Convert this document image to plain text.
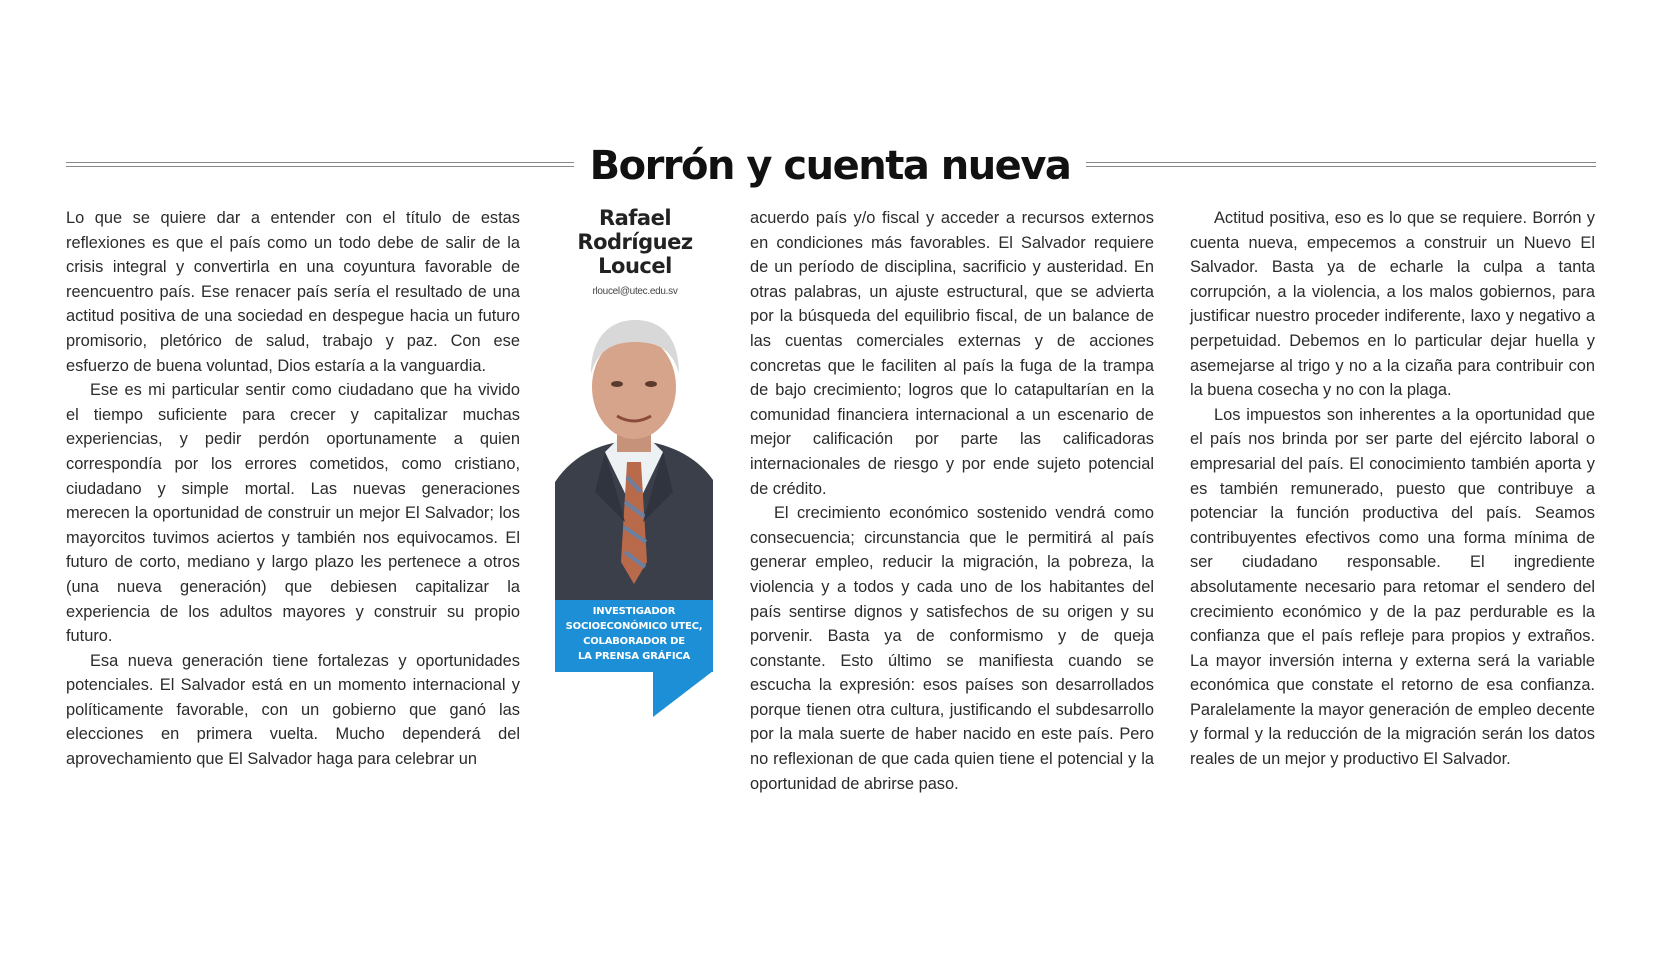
Borrón y cuenta nueva

Lo que se quiere dar a entender con el título de estas reflexiones es que el país como un todo debe de salir de la crisis integral y convertirla en una coyuntura favorable de reencuentro país. Ese renacer país sería el resultado de una actitud positiva de una sociedad en despegue hacia un futuro promisorio, pletórico de salud, trabajo y paz. Con ese esfuerzo de buena voluntad, Dios estaría a la vanguardia.

Ese es mi particular sentir como ciudadano que ha vivido el tiempo suficiente para crecer y capitalizar muchas experiencias, y pedir perdón oportunamente a quien correspondía por los errores cometidos, como cristiano, ciudadano y simple mortal. Las nuevas generaciones merecen la oportunidad de construir un mejor El Salvador; los mayorcitos tuvimos aciertos y también nos equivocamos. El futuro de corto, mediano y largo plazo les pertenece a otros (una nueva generación) que debiesen capitalizar la experiencia de los adultos mayores y construir su propio futuro.

Esa nueva generación tiene fortalezas y oportunidades potenciales. El Salvador está en un momento internacional y políticamente favorable, con un gobierno que ganó las elecciones en primera vuelta. Mucho dependerá del aprovechamiento que El Salvador haga para celebrar un

Rafael
Rodríguez
Loucel
rloucel@utec.edu.sv
INVESTIGADOR
SOCIOECONÓMICO UTEC,
COLABORADOR DE
LA PRENSA GRÁFICA

acuerdo país y/o fiscal y acceder a recursos externos en condiciones más favorables. El Salvador requiere de un período de disciplina, sacrificio y austeridad. En otras palabras, un ajuste estructural, que se advierta por la búsqueda del equilibrio fiscal, de un balance de las cuentas comerciales externas y de acciones concretas que le faciliten al país la fuga de la trampa de bajo crecimiento; logros que lo catapultarían en la comunidad financiera internacional a un escenario de mejor calificación por parte las calificadoras internacionales de riesgo y por ende sujeto potencial de crédito.

El crecimiento económico sostenido vendrá como consecuencia; circunstancia que le permitirá al país generar empleo, reducir la migración, la pobreza, la violencia y a todos y cada uno de los habitantes del país sentirse dignos y satisfechos de su origen y su porvenir. Basta ya de conformismo y de queja constante. Esto último se manifiesta cuando se escucha la expresión: esos países son desarrollados porque tienen otra cultura, justificando el subdesarrollo por la mala suerte de haber nacido en este país. Pero no reflexionan de que cada quien tiene el potencial y la oportunidad de abrirse paso.

Actitud positiva, eso es lo que se requiere. Borrón y cuenta nueva, empecemos a construir un Nuevo El Salvador. Basta ya de echarle la culpa a tanta corrupción, a la violencia, a los malos gobiernos, para justificar nuestro proceder indiferente, laxo y negativo a perpetuidad. Debemos en lo particular dejar huella y asemejarse al trigo y no a la cizaña para contribuir con la buena cosecha y no con la plaga.

Los impuestos son inherentes a la oportunidad que el país nos brinda por ser parte del ejército laboral o empresarial del país. El conocimiento también aporta y es también remunerado, puesto que contribuye a potenciar la función productiva del país. Seamos contribuyentes efectivos como una forma mínima de ser ciudadano responsable. El ingrediente absolutamente necesario para retomar el sendero del crecimiento económico y de la paz perdurable es la confianza que el país refleje para propios y extraños. La mayor inversión interna y externa será la variable económica que constate el retorno de esa confianza. Paralelamente la mayor generación de empleo decente y formal y la reducción de la migración serán los datos reales de un mejor y productivo El Salvador.
